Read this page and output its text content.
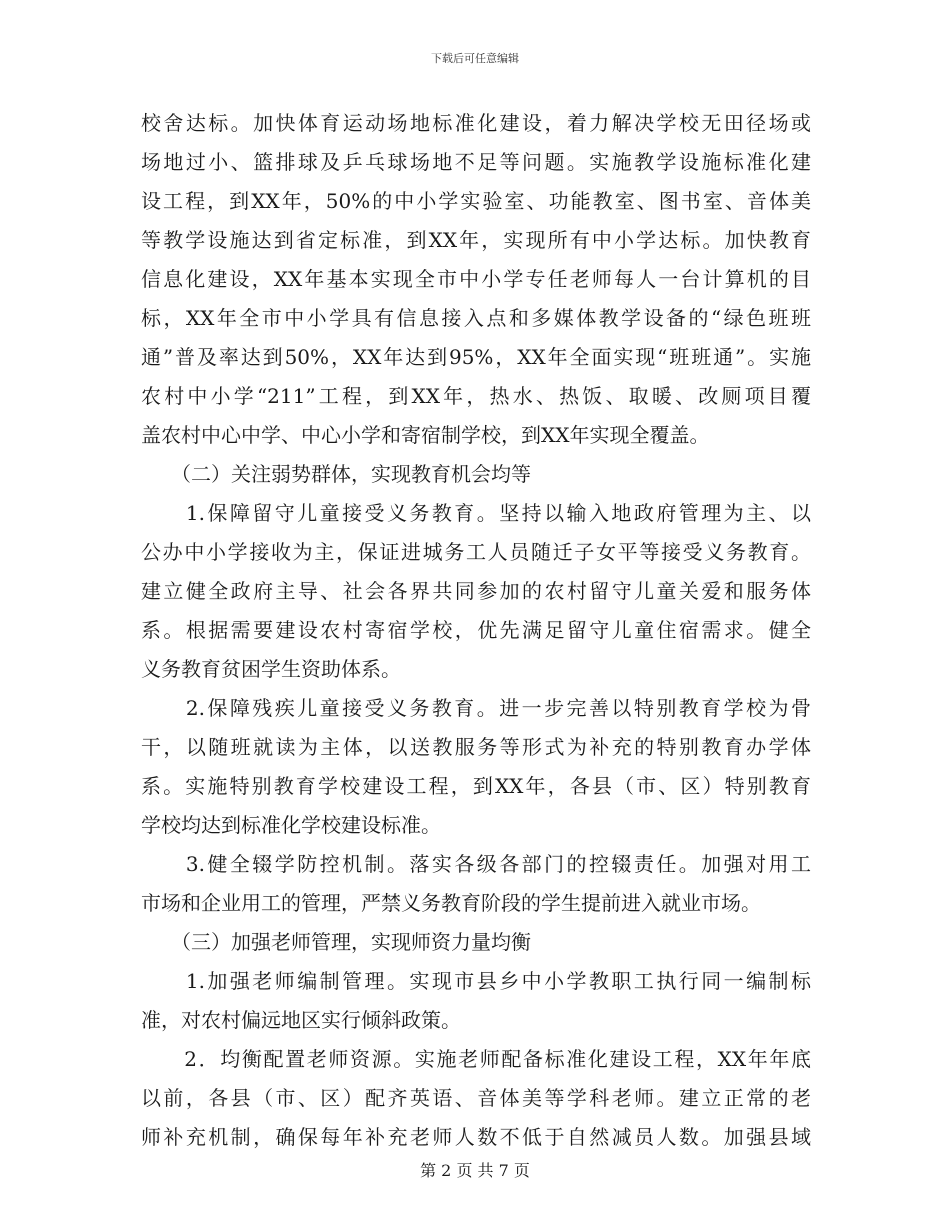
下载后可任意编辑
校舍达标。加快体育运动场地标准化建设，着力解决学校无田径场或
场地过小、篮排球及乒乓球场地不足等问题。实施教学设施标准化建
设工程，到XX年，50%的中小学实验室、功能教室、图书室、音体美
等教学设施达到省定标准，到XX年，实现所有中小学达标。加快教育
信息化建设，XX年基本实现全市中小学专任老师每人一台计算机的目
标，XX年全市中小学具有信息接入点和多媒体教学设备的“绿色班班
通”普及率达到50%，XX年达到95%，XX年全面实现“班班通”。实施
农村中小学“211”工程，到XX年，热水、热饭、取暖、改厕项目覆
盖农村中心中学、中心小学和寄宿制学校，到XX年实现全覆盖。
　　（二）关注弱势群体，实现教育机会均等
　　1.保障留守儿童接受义务教育。坚持以输入地政府管理为主、以
公办中小学接收为主，保证进城务工人员随迁子女平等接受义务教育。
建立健全政府主导、社会各界共同参加的农村留守儿童关爱和服务体
系。根据需要建设农村寄宿学校，优先满足留守儿童住宿需求。健全
义务教育贫困学生资助体系。
　　2.保障残疾儿童接受义务教育。进一步完善以特别教育学校为骨
干，以随班就读为主体，以送教服务等形式为补充的特别教育办学体
系。实施特别教育学校建设工程，到XX年，各县（市、区）特别教育
学校均达到标准化学校建设标准。
　　3.健全辍学防控机制。落实各级各部门的控辍责任。加强对用工
市场和企业用工的管理，严禁义务教育阶段的学生提前进入就业市场。
　　（三）加强老师管理，实现师资力量均衡
　　1.加强老师编制管理。实现市县乡中小学教职工执行同一编制标
准，对农村偏远地区实行倾斜政策。
　　2．均衡配置老师资源。实施老师配备标准化建设工程，XX年年底
以前，各县（市、区）配齐英语、音体美等学科老师。建立正常的老
师补充机制，确保每年补充老师人数不低于自然减员人数。加强县域
第 2 页 共 7 页
